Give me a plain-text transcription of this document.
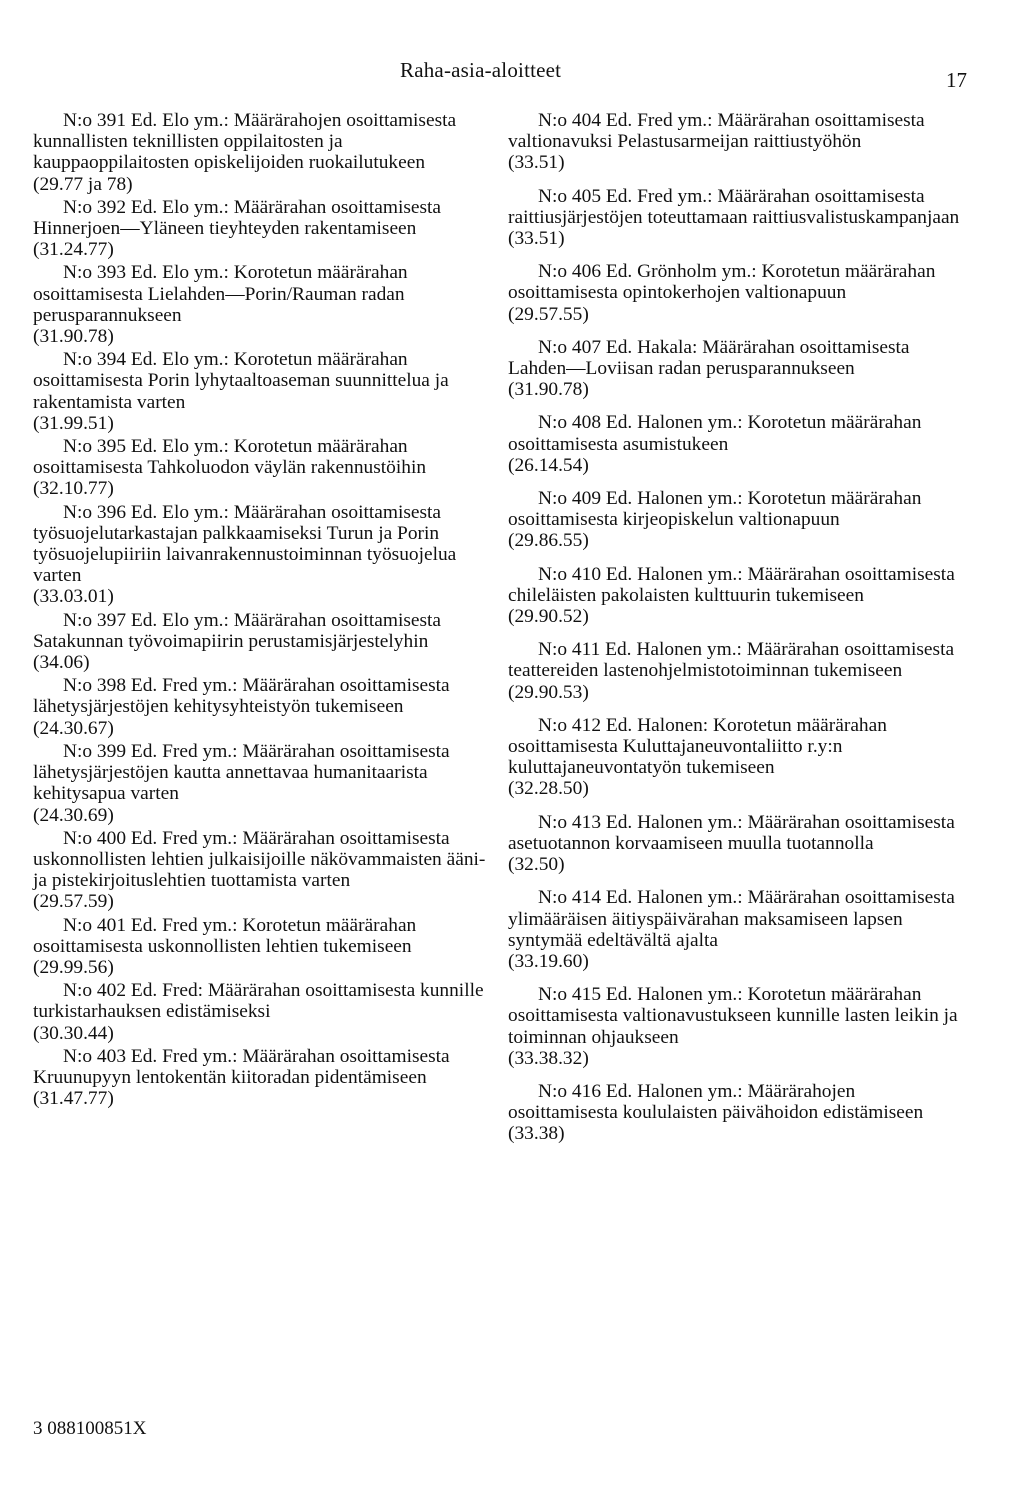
Raha-asia-aloitteet	17
N:o 391 Ed. Elo ym.: Määrärahojen osoittamisesta kunnallisten teknillisten oppilaitosten ja kauppaoppilaitosten opiskelijoiden ruokailutukeen
(29.77 ja 78)
N:o 392 Ed. Elo ym.: Määrärahan osoittamisesta Hinnerjoen—Yläneen tieyhteyden rakentamiseen
(31.24.77)
N:o 393 Ed. Elo ym.: Korotetun määrärahan osoittamisesta Lielahden—Porin/Rauman radan perusparannukseen
(31.90.78)
N:o 394 Ed. Elo ym.: Korotetun määrärahan osoittamisesta Porin lyhytaaltoaseman suunnittelua ja rakentamista varten
(31.99.51)
N:o 395 Ed. Elo ym.: Korotetun määrärahan osoittamisesta Tahkoluodon väylän rakennustöihin
(32.10.77)
N:o 396 Ed. Elo ym.: Määrärahan osoittamisesta työsuojelutarkastajan palkkaamiseksi Turun ja Porin työsuojelupiiriin laivanrakennustoiminnan työsuojelua varten
(33.03.01)
N:o 397 Ed. Elo ym.: Määrärahan osoittamisesta Satakunnan työvoimapiirin perustamisjärjestelyhin
(34.06)
N:o 398 Ed. Fred ym.: Määrärahan osoittamisesta lähetysjärjestöjen kehitysyhteistyön tukemiseen
(24.30.67)
N:o 399 Ed. Fred ym.: Määrärahan osoittamisesta lähetysjärjestöjen kautta annettavaa humanitaarista kehitysapua varten
(24.30.69)
N:o 400 Ed. Fred ym.: Määrärahan osoittamisesta uskonnollisten lehtien julkaisijoille näkövammaisten ääni- ja pistekirjoituslehtien tuottamista varten
(29.57.59)
N:o 401 Ed. Fred ym.: Korotetun määrärahan osoittamisesta uskonnollisten lehtien tukemiseen
(29.99.56)
N:o 402 Ed. Fred: Määrärahan osoittamisesta kunnille turkistarhauksen edistämiseksi
(30.30.44)
N:o 403 Ed. Fred ym.: Määrärahan osoittamisesta Kruunupyyn lentokentän kiitoradan pidentämiseen
(31.47.77)
N:o 404 Ed. Fred ym.: Määrärahan osoittamisesta valtionavuksi Pelastusarmeijan raittiustyöhön
(33.51)
N:o 405 Ed. Fred ym.: Määrärahan osoittamisesta raittiusjärjestöjen toteuttamaan raittiusvalistuskampanjaan
(33.51)
N:o 406 Ed. Grönholm ym.: Korotetun määrärahan osoittamisesta opintokerhojen valtionapuun
(29.57.55)
N:o 407 Ed. Hakala: Määrärahan osoittamisesta Lahden—Loviisan radan perusparannukseen
(31.90.78)
N:o 408 Ed. Halonen ym.: Korotetun määrärahan osoittamisesta asumistukeen
(26.14.54)
N:o 409 Ed. Halonen ym.: Korotetun määrärahan osoittamisesta kirjeopiskelun valtionapuun
(29.86.55)
N:o 410 Ed. Halonen ym.: Määrärahan osoittamisesta chileläisten pakolaisten kulttuurin tukemiseen
(29.90.52)
N:o 411 Ed. Halonen ym.: Määrärahan osoittamisesta teattereiden lastenohjelmistotoiminnan tukemiseen
(29.90.53)
N:o 412 Ed. Halonen: Korotetun määrärahan osoittamisesta Kuluttajaneuvontaliitto r.y:n kuluttajaneuvontatyön tukemiseen
(32.28.50)
N:o 413 Ed. Halonen ym.: Määrärahan osoittamisesta asetuotannon korvaamiseen muulla tuotannolla
(32.50)
N:o 414 Ed. Halonen ym.: Määrärahan osoittamisesta ylimääräisen äitiyspäivärahan maksamiseen lapsen syntymää edeltävältä ajalta
(33.19.60)
N:o 415 Ed. Halonen ym.: Korotetun määrärahan osoittamisesta valtionavustukseen kunnille lasten leikin ja toiminnan ohjaukseen
(33.38.32)
N:o 416 Ed. Halonen ym.: Määrärahojen osoittamisesta koululaisten päivähoidon edistämiseen
(33.38)
3 088100851X
